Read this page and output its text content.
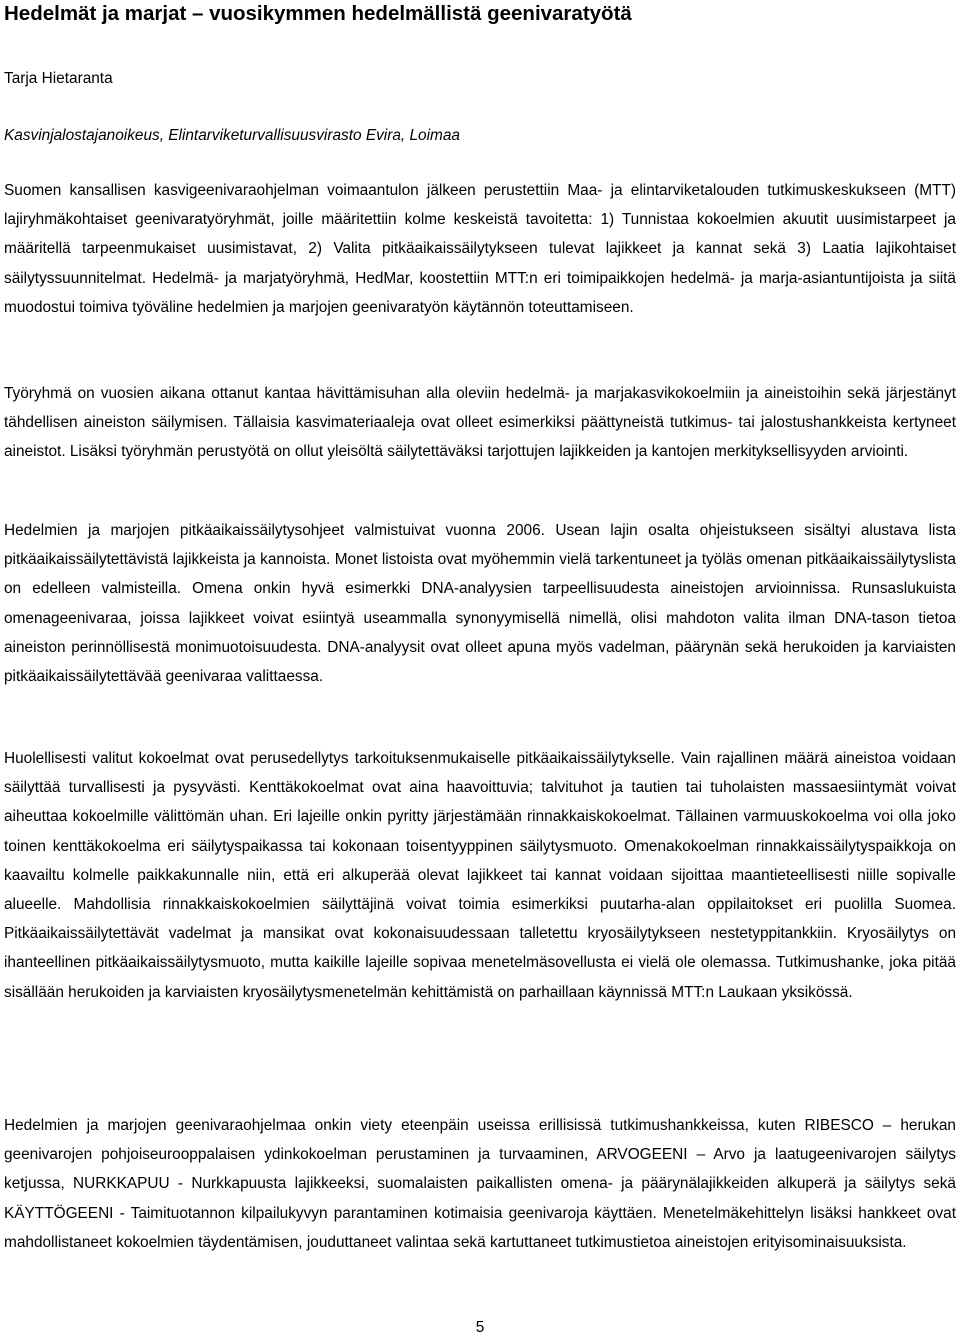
Hedelmät ja marjat – vuosikymmen hedelmällistä geenivaratyötä

Tarja Hietaranta

Kasvinjalostajanoikeus, Elintarviketurvallisuusvirasto Evira, Loimaa

Suomen kansallisen kasvigeenivaraohjelman voimaantulon jälkeen perustettiin Maa- ja elintarviketalouden tutkimuskeskukseen (MTT) lajiryhmäkohtaiset geenivaratyöryhmät, joille määritettiin kolme keskeistä tavoitetta: 1) Tunnistaa kokoelmien akuutit uusimistarpeet ja määritellä tarpeenmukaiset uusimistavat, 2) Valita pitkäaikaissäilytykseen tulevat lajikkeet ja kannat sekä 3) Laatia lajikohtaiset säilytyssuunnitelmat. Hedelmä- ja marjatyöryhmä, HedMar, koostettiin MTT:n eri toimipaikkojen hedelmä- ja marja-asiantuntijoista ja siitä muodostui toimiva työväline hedelmien ja marjojen geenivaratyön käytännön toteuttamiseen.

Työryhmä on vuosien aikana ottanut kantaa hävittämisuhan alla oleviin hedelmä- ja marjakasvikokoelmiin ja aineistoihin sekä järjestänyt tähdellisen aineiston säilymisen. Tällaisia kasvimateriaaleja ovat olleet esimerkiksi päättyneistä tutkimus- tai jalostushankkeista kertyneet aineistot. Lisäksi työryhmän perustyötä on ollut yleisöltä säilytettäväksi tarjottujen lajikkeiden ja kantojen merkityksellisyyden arviointi.

Hedelmien ja marjojen pitkäaikaissäilytysohjeet valmistuivat vuonna 2006. Usean lajin osalta ohjeistukseen sisältyi alustava lista pitkäaikaissäilytettävistä lajikkeista ja kannoista. Monet listoista ovat myöhemmin vielä tarkentuneet ja työläs omenan pitkäaikaissäilytyslista on edelleen valmisteilla. Omena onkin hyvä esimerkki DNA-analyysien tarpeellisuudesta aineistojen arvioinnissa. Runsaslukuista omenageenivaraa, joissa lajikkeet voivat esiintyä useammalla synonyymisellä nimellä, olisi mahdoton valita ilman DNA-tason tietoa aineiston perinnöllisestä monimuotoisuudesta. DNA-analyysit ovat olleet apuna myös vadelman, päärynän sekä herukoiden ja karviaisten pitkäaikaissäilytettävää geenivaraa valittaessa.

Huolellisesti valitut kokoelmat ovat perusedellytys tarkoituksenmukaiselle pitkäaikaissäilytykselle. Vain rajallinen määrä aineistoa voidaan säilyttää turvallisesti ja pysyvästi. Kenttäkokoelmat ovat aina haavoittuvia; talvituhot ja tautien tai tuholaisten massaesiintymät voivat aiheuttaa kokoelmille välittömän uhan. Eri lajeille onkin pyritty järjestämään rinnakkaiskokoelmat. Tällainen varmuuskokoelma voi olla joko toinen kenttäkokoelma eri säilytyspaikassa tai kokonaan toisentyyppinen säilytysmuoto. Omenakokoelman rinnakkaissäilytyspaikkoja on kaavailtu kolmelle paikkakunnalle niin, että eri alkuperää olevat lajikkeet tai kannat voidaan sijoittaa maantieteellisesti niille sopivalle alueelle. Mahdollisia rinnakkaiskokoelmien säilyttäjinä voivat toimia esimerkiksi puutarha-alan oppilaitokset eri puolilla Suomea. Pitkäaikaissäilytettävät vadelmat ja mansikat ovat kokonaisuudessaan talletettu kryosäilytykseen nestetyppitankkiin. Kryosäilytys on ihanteellinen pitkäaikaissäilytysmuoto, mutta kaikille lajeille sopivaa menetelmäsovellusta ei vielä ole olemassa. Tutkimushanke, joka pitää sisällään herukoiden ja karviaisten kryosäilytysmenetelmän kehittämistä on parhaillaan käynnissä MTT:n Laukaan yksikössä.

Hedelmien ja marjojen geenivaraohjelmaa onkin viety eteenpäin useissa erillisissä tutkimushankkeissa, kuten RIBESCO – herukan geenivarojen pohjoiseurooppalaisen ydinkokoelman perustaminen ja turvaaminen, ARVOGEENI – Arvo ja laatugeenivarojen säilytys ketjussa, NURKKAPUU - Nurkkapuusta lajikkeeksi, suomalaisten paikallisten omena- ja päärynälajikkeiden alkuperä ja säilytys sekä KÄYTTÖGEENI - Taimituotannon kilpailukyvyn parantaminen kotimaisia geenivaroja käyttäen. Menetelmäkehittelyn lisäksi hankkeet ovat mahdollistaneet kokoelmien täydentämisen, jouduttaneet valintaa sekä kartuttaneet tutkimustietoa aineistojen erityisominaisuuksista.

5
